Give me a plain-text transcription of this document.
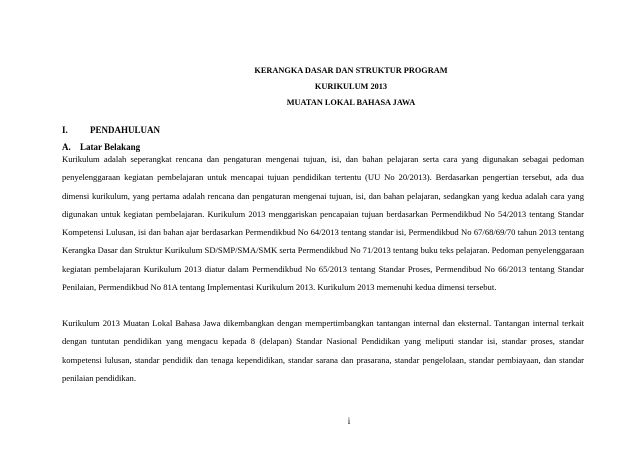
KERANGKA DASAR DAN STRUKTUR PROGRAM
KURIKULUM 2013
MUATAN LOKAL BAHASA JAWA
I. PENDAHULUAN
A. Latar Belakang

Kurikulum adalah seperangkat rencana dan pengaturan mengenai tujuan, isi, dan bahan pelajaran serta cara yang digunakan sebagai pedoman penyelenggaraan kegiatan pembelajaran untuk mencapai tujuan pendidikan tertentu (UU No 20/2013). Berdasarkan pengertian tersebut, ada dua dimensi kurikulum, yang pertama adalah rencana dan pengaturan mengenai tujuan, isi, dan bahan pelajaran, sedangkan yang kedua adalah cara yang digunakan untuk kegiatan pembelajaran. Kurikulum 2013 menggariskan pencapaian tujuan berdasarkan Permendikbud No 54/2013 tentang Standar Kompetensi Lulusan, isi dan bahan ajar berdasarkan Permendikbud No 64/2013 tentang standar isi, Permendikbud No 67/68/69/70 tahun 2013 tentang Kerangka Dasar dan Struktur Kurikulum SD/SMP/SMA/SMK serta Permendikbud No 71/2013 tentang buku teks pelajaran. Pedoman penyelenggaraan kegiatan pembelajaran Kurikulum 2013 diatur dalam Permendikbud No 65/2013 tentang Standar Proses, Permendibud No 66/2013 tentang Standar Penilaian, Permendikbud No 81A tentang Implementasi Kurikulum 2013. Kurikulum 2013 memenuhi kedua dimensi tersebut.

Kurikulum 2013 Muatan Lokal Bahasa Jawa dikembangkan dengan mempertimbangkan tantangan internal dan eksternal. Tantangan internal terkait dengan tuntutan pendidikan yang mengacu kepada 8 (delapan) Standar Nasional Pendidikan yang meliputi standar isi, standar proses, standar kompetensi lulusan, standar pendidik dan tenaga kependidikan, standar sarana dan prasarana, standar pengelolaan, standar pembiayaan, dan standar penilaian pendidikan.

i
